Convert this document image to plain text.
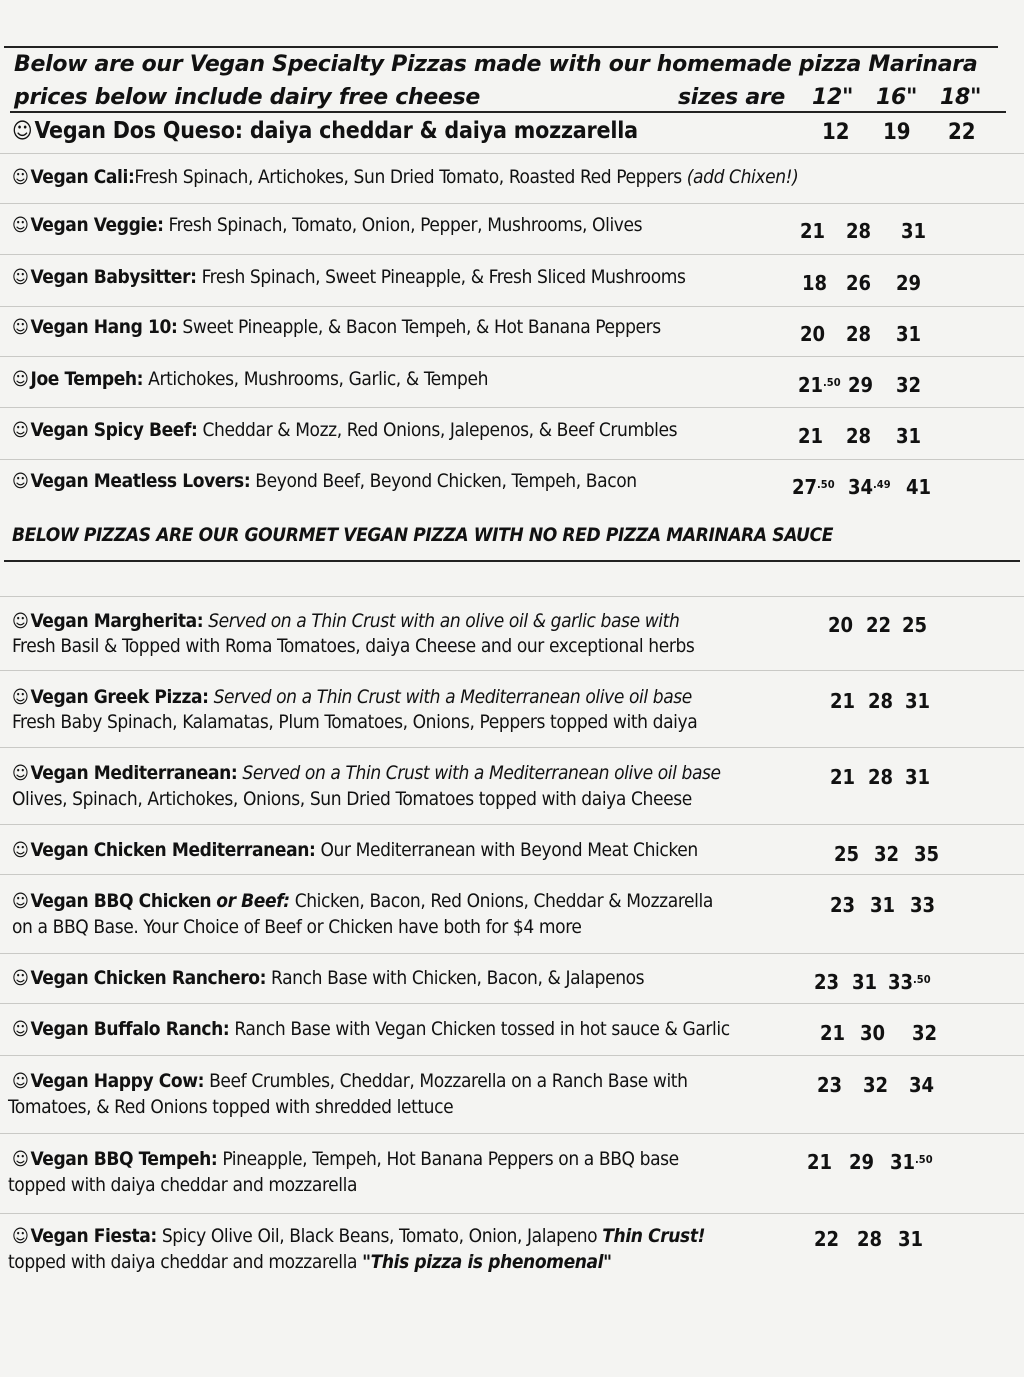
Below are our Vegan Specialty Pizzas made with our homemade pizza Marinara
prices below include dairy free cheese	sizes are 12" 16" 18"
☺Vegan Dos Queso: daiya cheddar & daiya mozzarella	12 19 22
☺ Vegan Cali:Fresh Spinach, Artichokes, Sun Dried Tomato, Roasted Red Peppers (add Chixen!)
☺ Vegan Veggie: Fresh Spinach, Tomato, Onion, Pepper, Mushrooms, Olives	21 28 31
☺ Vegan Babysitter: Fresh Spinach, Sweet Pineapple, & Fresh Sliced Mushrooms	18 26 29
☺ Vegan Hang 10: Sweet Pineapple, & Bacon Tempeh, & Hot Banana Peppers	20 28 31
☺ Joe Tempeh: Artichokes, Mushrooms, Garlic, & Tempeh	$21^{.50}$ 29 32
☺ Vegan Spicy Beef: Cheddar & Mozz, Red Onions, Jalepenos, & Beef Crumbles	21 28 31
☺ Vegan Meatless Lovers: Beyond Beef, Beyond Chicken, Tempeh, Bacon	$27^{.50}$ $34^{.49}$ 41
BELOW PIZZAS ARE OUR GOURMET VEGAN PIZZA WITH NO RED PIZZA MARINARA SAUCE
☺ Vegan Margherita: Served on a Thin Crust with an olive oil & garlic base with
Fresh Basil & Topped with Roma Tomatoes, daiya Cheese and our exceptional herbs
20 22 25
☺ Vegan Greek Pizza: Served on a Thin Crust with a Mediterranean olive oil base
Fresh Baby Spinach, Kalamatas, Plum Tomatoes, Onions, Peppers topped with daiya
21 28 31
☺ Vegan Mediterranean: Served on a Thin Crust with a Mediterranean olive oil base
Olives, Spinach, Artichokes, Onions, Sun Dried Tomatoes topped with daiya Cheese
21 28 31
☺ Vegan Chicken Mediterranean: Our Mediterranean with Beyond Meat Chicken	25 32 35
☺ Vegan BBQ Chicken or Beef: Chicken, Bacon, Red Onions, Cheddar & Mozzarella
on a BBQ Base. Your Choice of Beef or Chicken have both for $4 more
23 31 33
☺ Vegan Chicken Ranchero: Ranch Base with Chicken, Bacon, & Jalapenos	23 31 $33^{.50}$
☺ Vegan Buffalo Ranch: Ranch Base with Vegan Chicken tossed in hot sauce & Garlic	21 30 32
☺ Vegan Happy Cow: Beef Crumbles, Cheddar, Mozzarella on a Ranch Base with
Tomatoes, & Red Onions topped with shredded lettuce
23 32 34
☺ Vegan BBQ Tempeh: Pineapple, Tempeh, Hot Banana Peppers on a BBQ base
topped with daiya cheddar and mozzarella
21 29 $31^{.50}$
☺ Vegan Fiesta: Spicy Olive Oil, Black Beans, Tomato, Onion, Jalapeno Thin Crust!
topped with daiya cheddar and mozzarella "This pizza is phenomenal"
22 28 31
